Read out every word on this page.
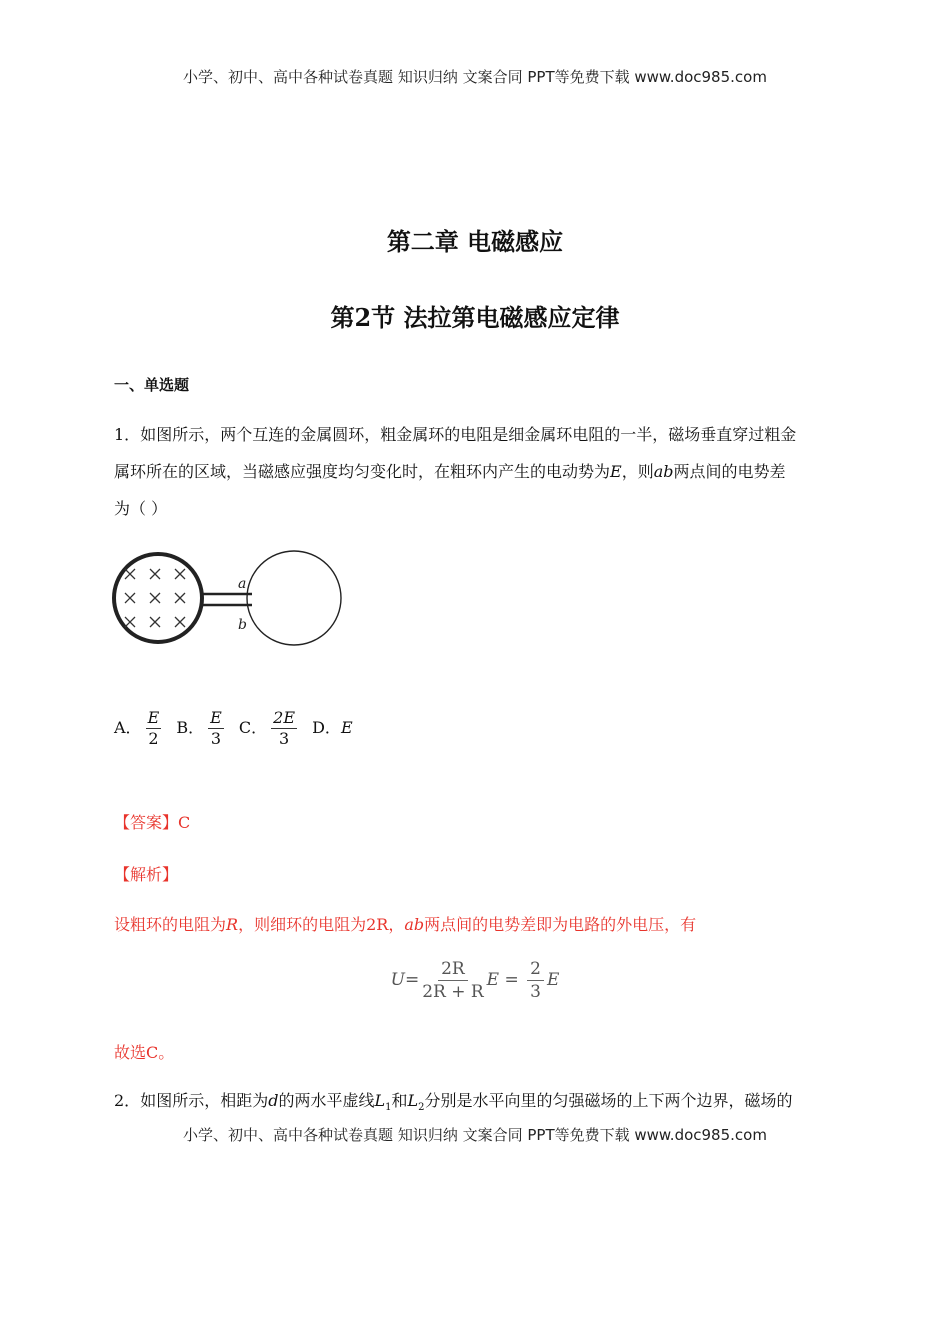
小学、初中、高中各种试卷真题 知识归纳 文案合同 PPT等免费下载 www.doc985.com
第二章 电磁感应
第2节 法拉第电磁感应定律
一、单选题
1．如图所示，两个互连的金属圆环，粗金属环的电阻是细金属环电阻的一半，磁场垂直穿过粗金
属环所在的区域，当磁感应强度均匀变化时，在粗环内产生的电动势为E，则ab两点间的电势差
为（ ）
a
b
A． $\frac{E}{2}$ B． $\frac{E}{3}$ C． $\frac{2E}{3}$ D．E
【答案】C
【解析】
设粗环的电阻为R，则细环的电阻为2R，ab两点间的电势差即为电路的外电压，有
$U= \frac{2R}{2R + R}$ $E = \frac{2}{3}$ E
故选C。
2．如图所示，相距为d的两水平虚线$L_1$和$L_2$分别是水平向里的匀强磁场的上下两个边界，磁场的
小学、初中、高中各种试卷真题 知识归纳 文案合同 PPT等免费下载 www.doc985.com
